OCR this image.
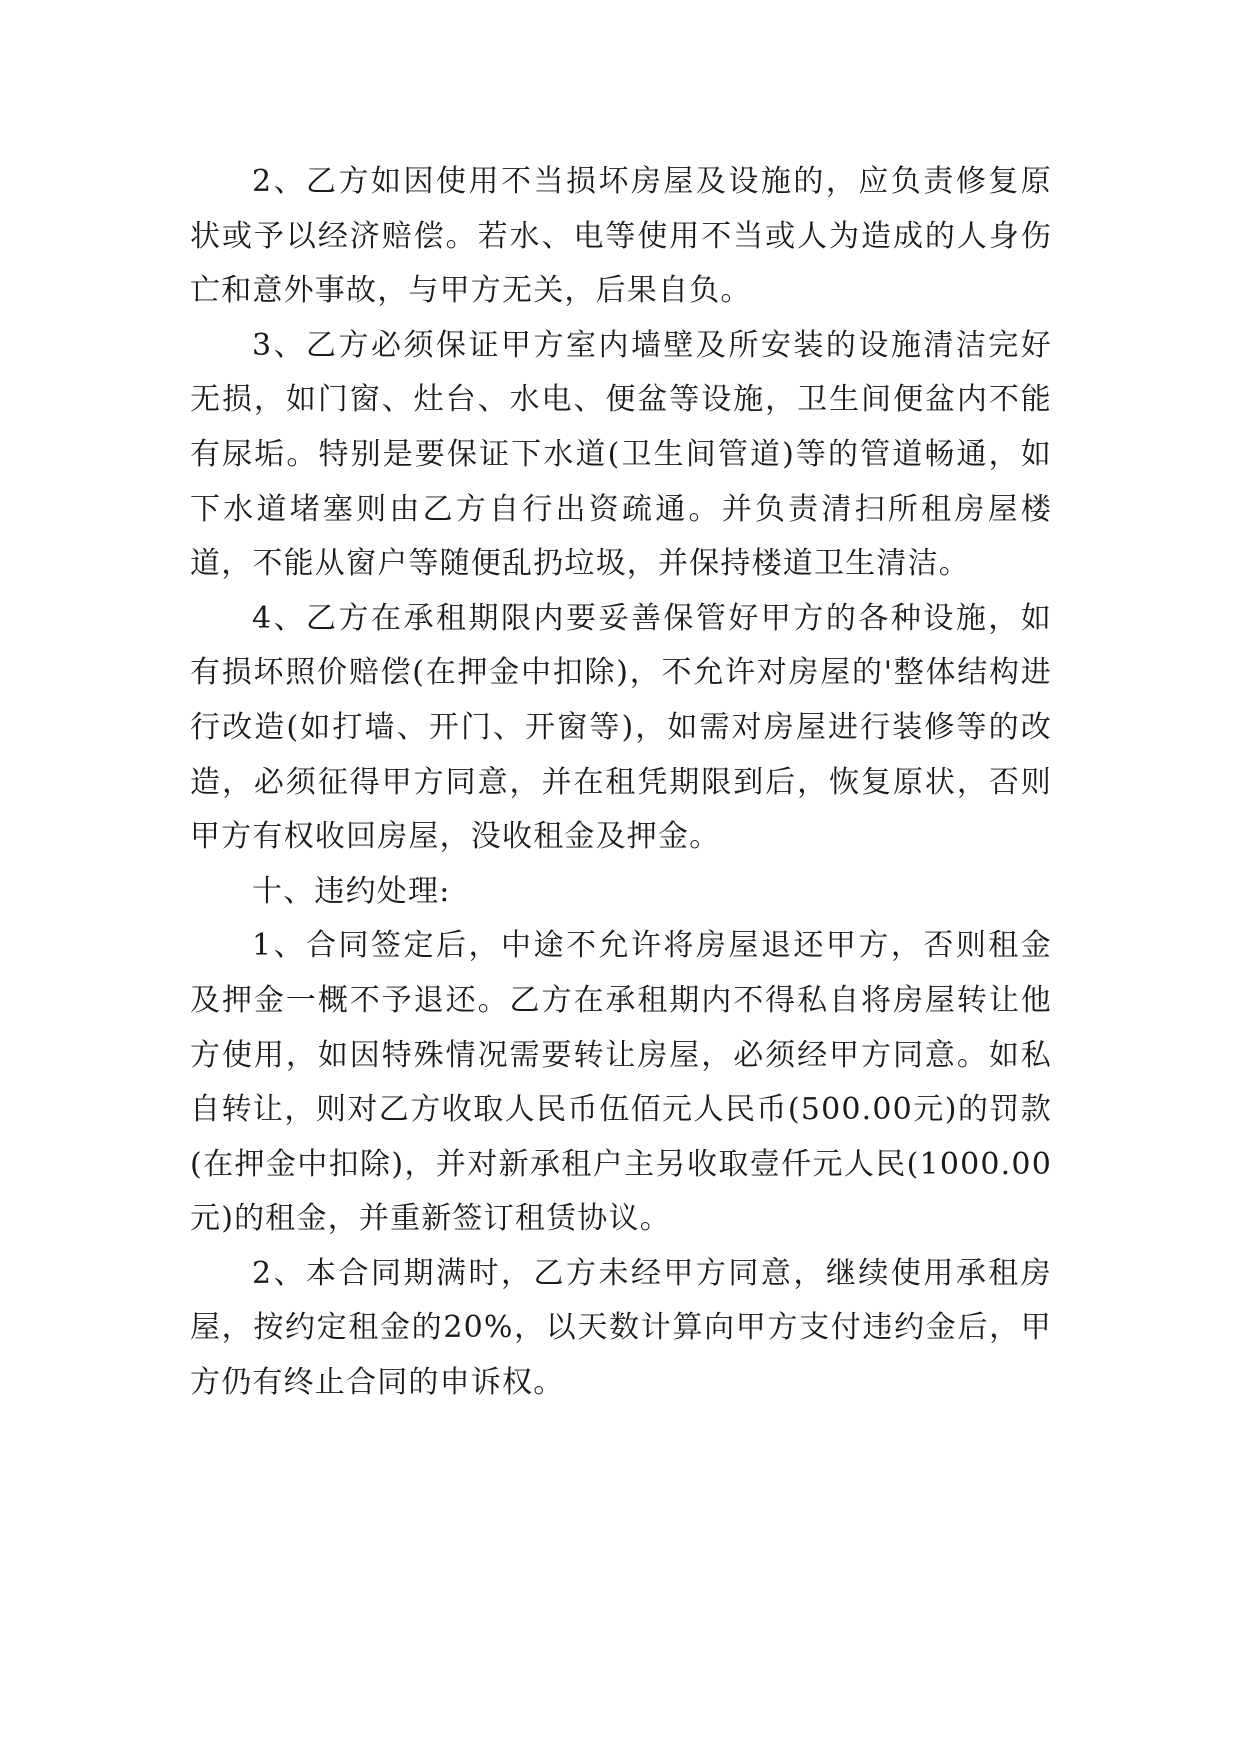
2、乙方如因使用不当损坏房屋及设施的，应负责修复原状或予以经济赔偿。若水、电等使用不当或人为造成的人身伤亡和意外事故，与甲方无关，后果自负。

3、乙方必须保证甲方室内墙壁及所安装的设施清洁完好无损，如门窗、灶台、水电、便盆等设施，卫生间便盆内不能有尿垢。特别是要保证下水道(卫生间管道)等的管道畅通，如下水道堵塞则由乙方自行出资疏通。并负责清扫所租房屋楼道，不能从窗户等随便乱扔垃圾，并保持楼道卫生清洁。

4、乙方在承租期限内要妥善保管好甲方的各种设施，如有损坏照价赔偿(在押金中扣除)，不允许对房屋的'整体结构进行改造(如打墙、开门、开窗等)，如需对房屋进行装修等的改造，必须征得甲方同意，并在租凭期限到后，恢复原状，否则甲方有权收回房屋，没收租金及押金。

十、违约处理:

1、合同签定后，中途不允许将房屋退还甲方，否则租金及押金一概不予退还。乙方在承租期内不得私自将房屋转让他方使用，如因特殊情况需要转让房屋，必须经甲方同意。如私自转让，则对乙方收取人民币伍佰元人民币(500.00元)的罚款(在押金中扣除)，并对新承租户主另收取壹仟元人民(1000.00元)的租金，并重新签订租赁协议。

2、本合同期满时，乙方未经甲方同意，继续使用承租房屋，按约定租金的20%，以天数计算向甲方支付违约金后，甲方仍有终止合同的申诉权。
